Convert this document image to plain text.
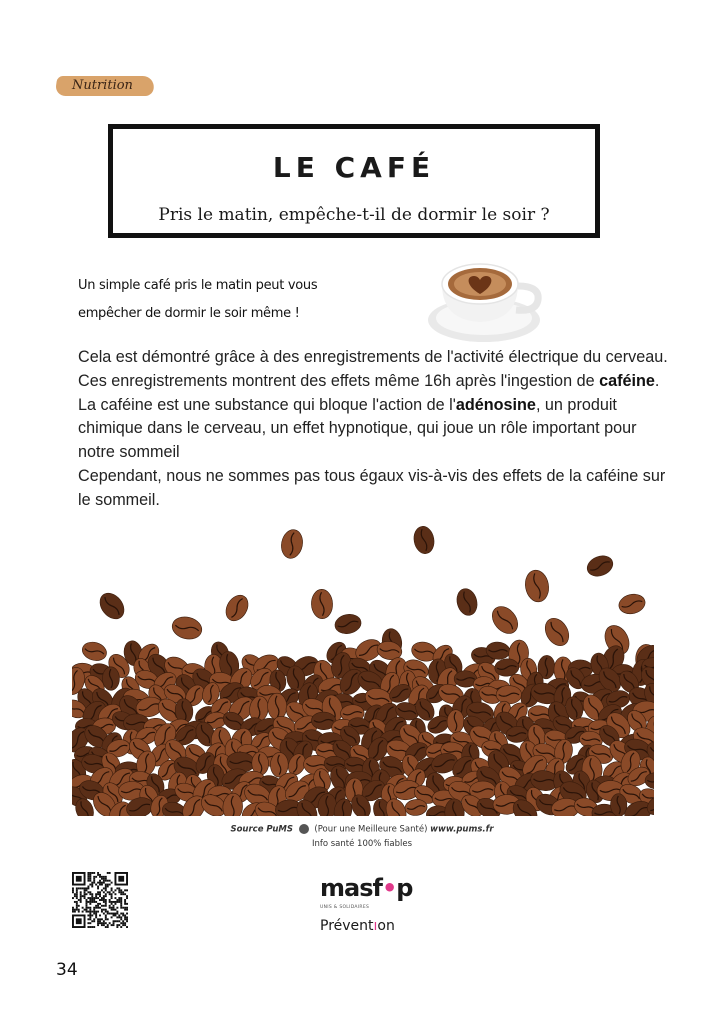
Nutrition
LE CAFÉ
Pris le matin, empêche-t-il de dormir le soir ?
Un simple café pris le matin peut vous
empêcher de dormir le soir même !

Cela est démontré grâce à des enregistrements de l'activité électrique du cerveau. Ces enregistrements montrent des effets même 16h après l'ingestion de caféine.

La caféine est une substance qui bloque l'action de l'adénosine, un produit chimique dans le cerveau, un effet hypnotique, qui joue un rôle important pour notre sommeil

Cependant, nous ne sommes pas tous égaux vis-à-vis des effets de la caféine sur le sommeil.

Source PuMS	(Pour une Meilleure Santé) www.pums.fr
Info santé 100% fiables
masf•p
UNIS & SOLIDAIRES
Préventıon
34
